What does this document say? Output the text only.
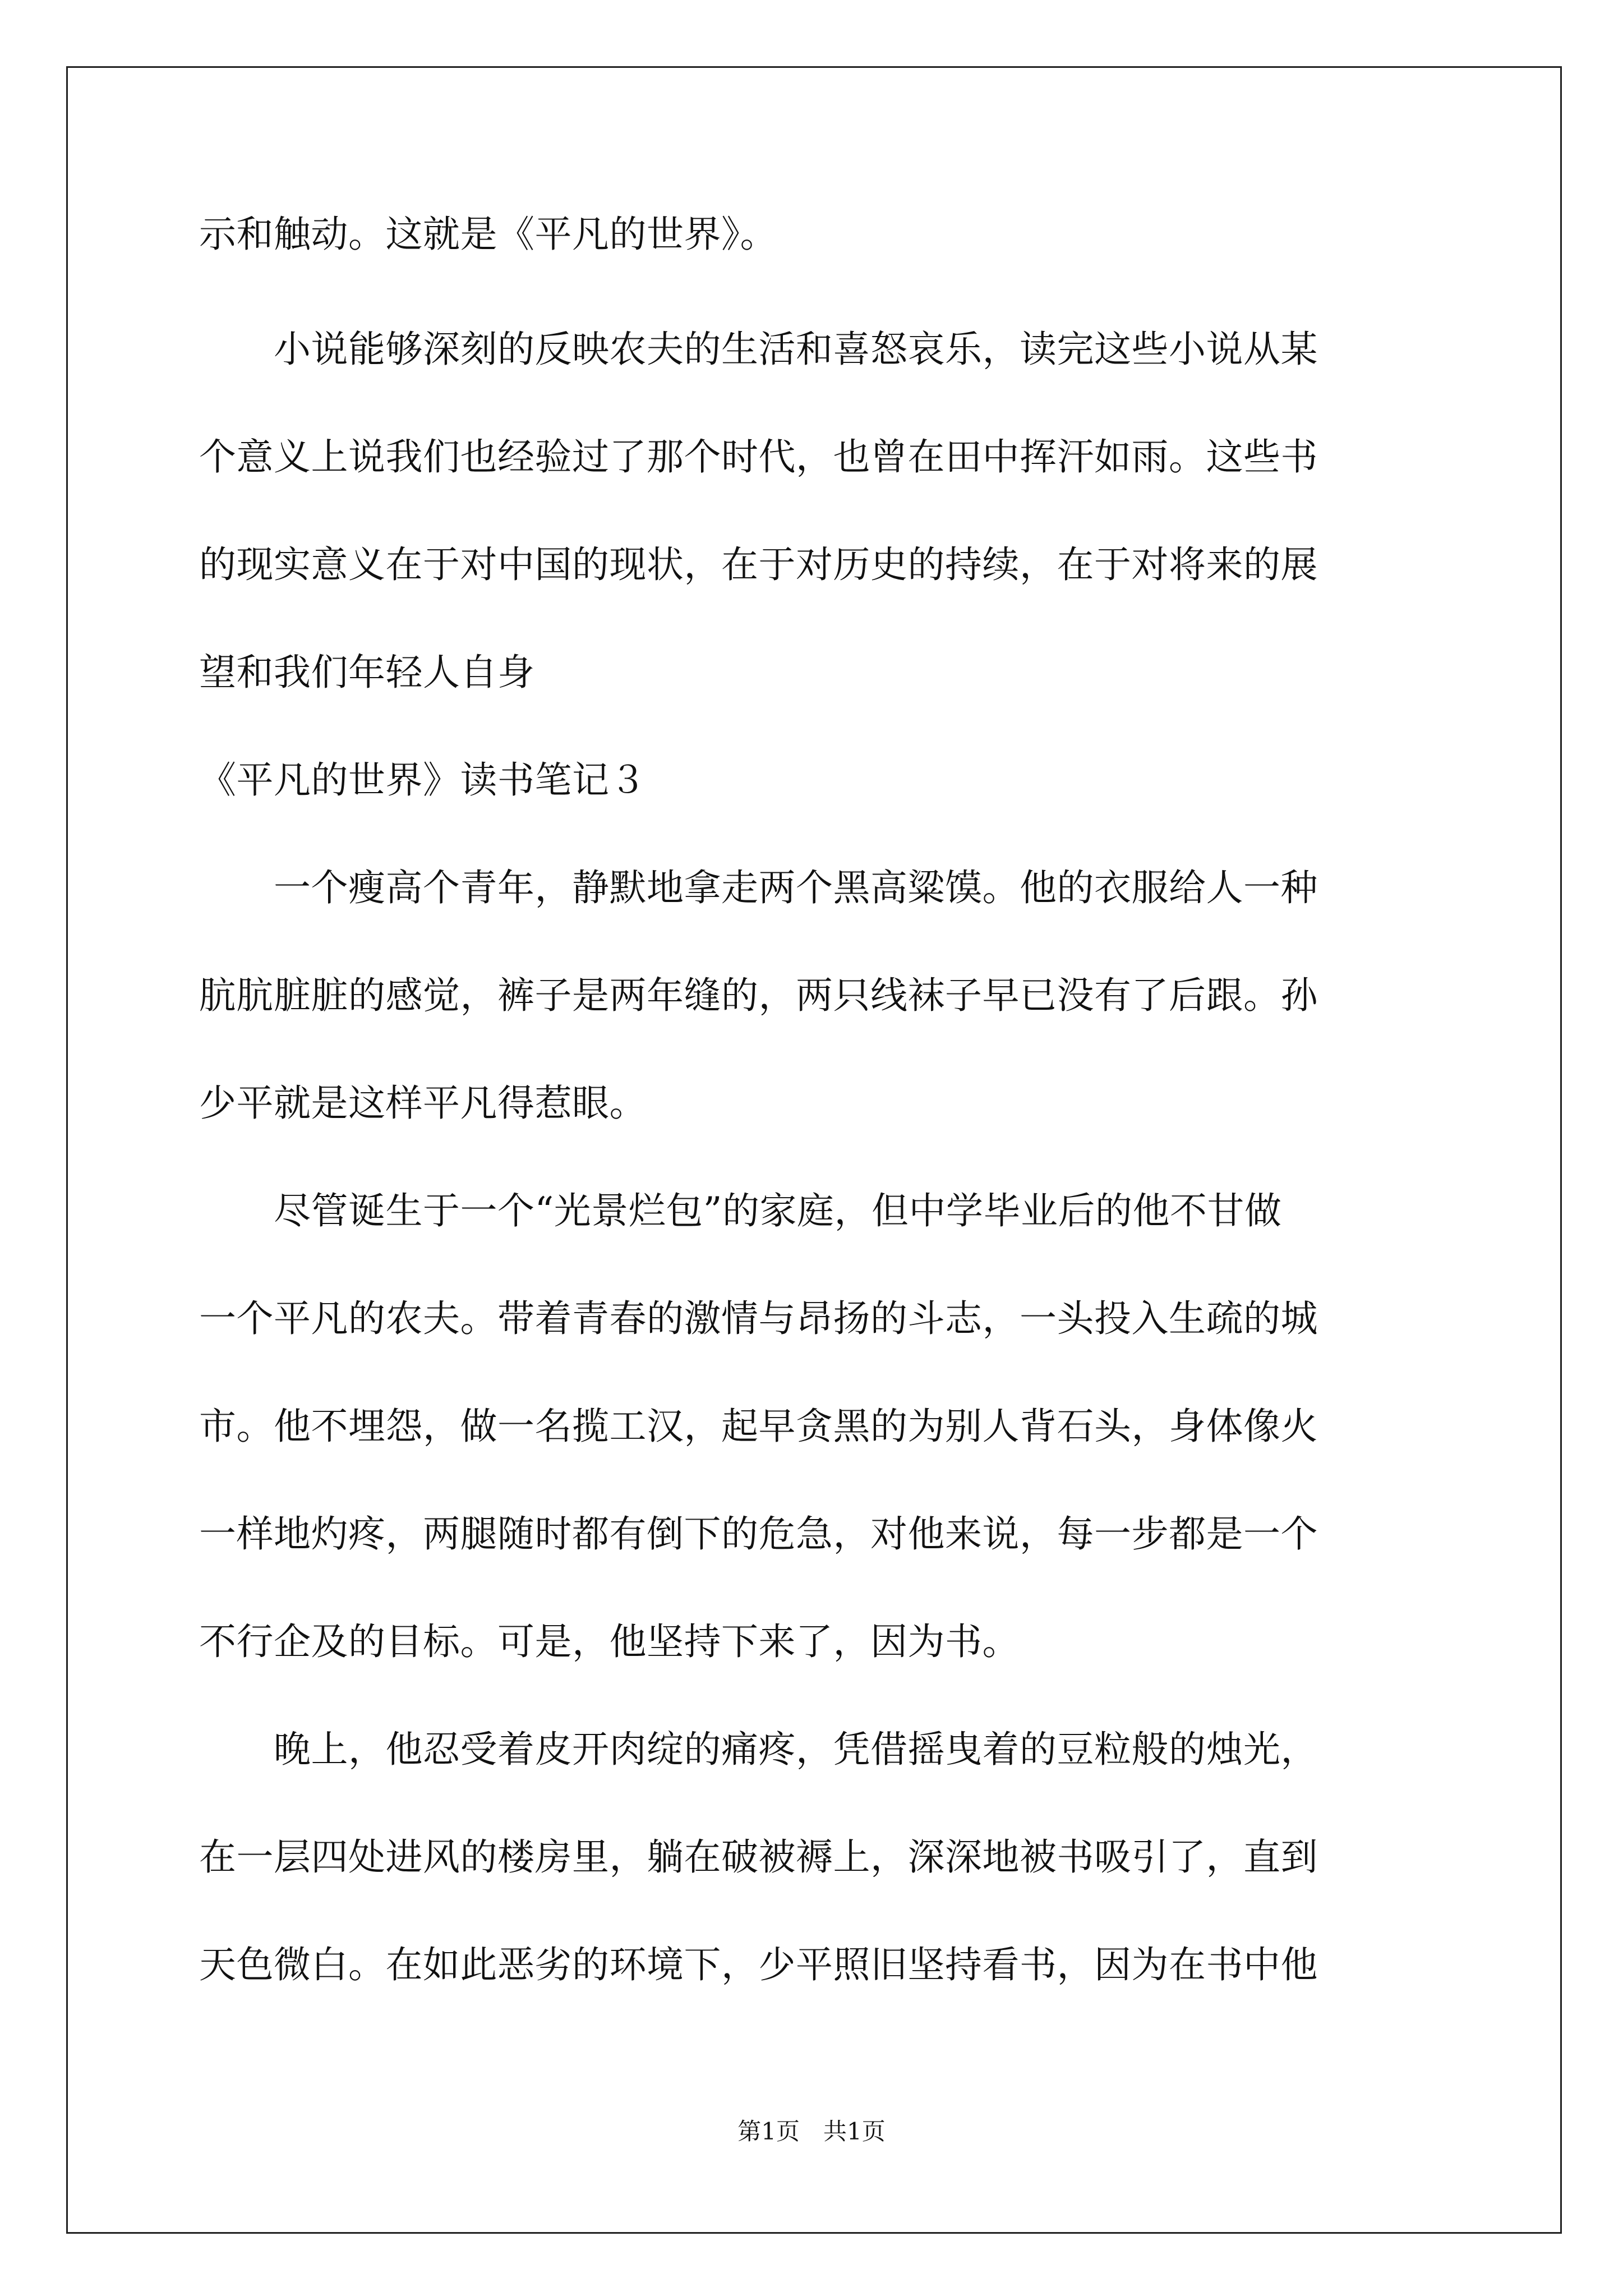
示和触动。这就是《平凡的世界》。
　　小说能够深刻的反映农夫的生活和喜怒哀乐，读完这些小说从某
个意义上说我们也经验过了那个时代，也曾在田中挥汗如雨。这些书
的现实意义在于对中国的现状，在于对历史的持续，在于对将来的展
望和我们年轻人自身
《平凡的世界》读书笔记３
　　一个瘦高个青年，静默地拿走两个黑高粱馍。他的衣服给人一种
肮肮脏脏的感觉，裤子是两年缝的，两只线袜子早已没有了后跟。孙
少平就是这样平凡得惹眼。
　　尽管诞生于一个“光景烂包”的家庭，但中学毕业后的他不甘做
一个平凡的农夫。带着青春的激情与昂扬的斗志，一头投入生疏的城
市。他不埋怨，做一名揽工汉，起早贪黑的为别人背石头，身体像火
一样地灼疼，两腿随时都有倒下的危急，对他来说，每一步都是一个
不行企及的目标。可是，他坚持下来了，因为书。
　　晚上，他忍受着皮开肉绽的痛疼，凭借摇曳着的豆粒般的烛光，
在一层四处进风的楼房里，躺在破被褥上，深深地被书吸引了，直到
天色微白。在如此恶劣的环境下，少平照旧坚持看书，因为在书中他
第1页　共1页
